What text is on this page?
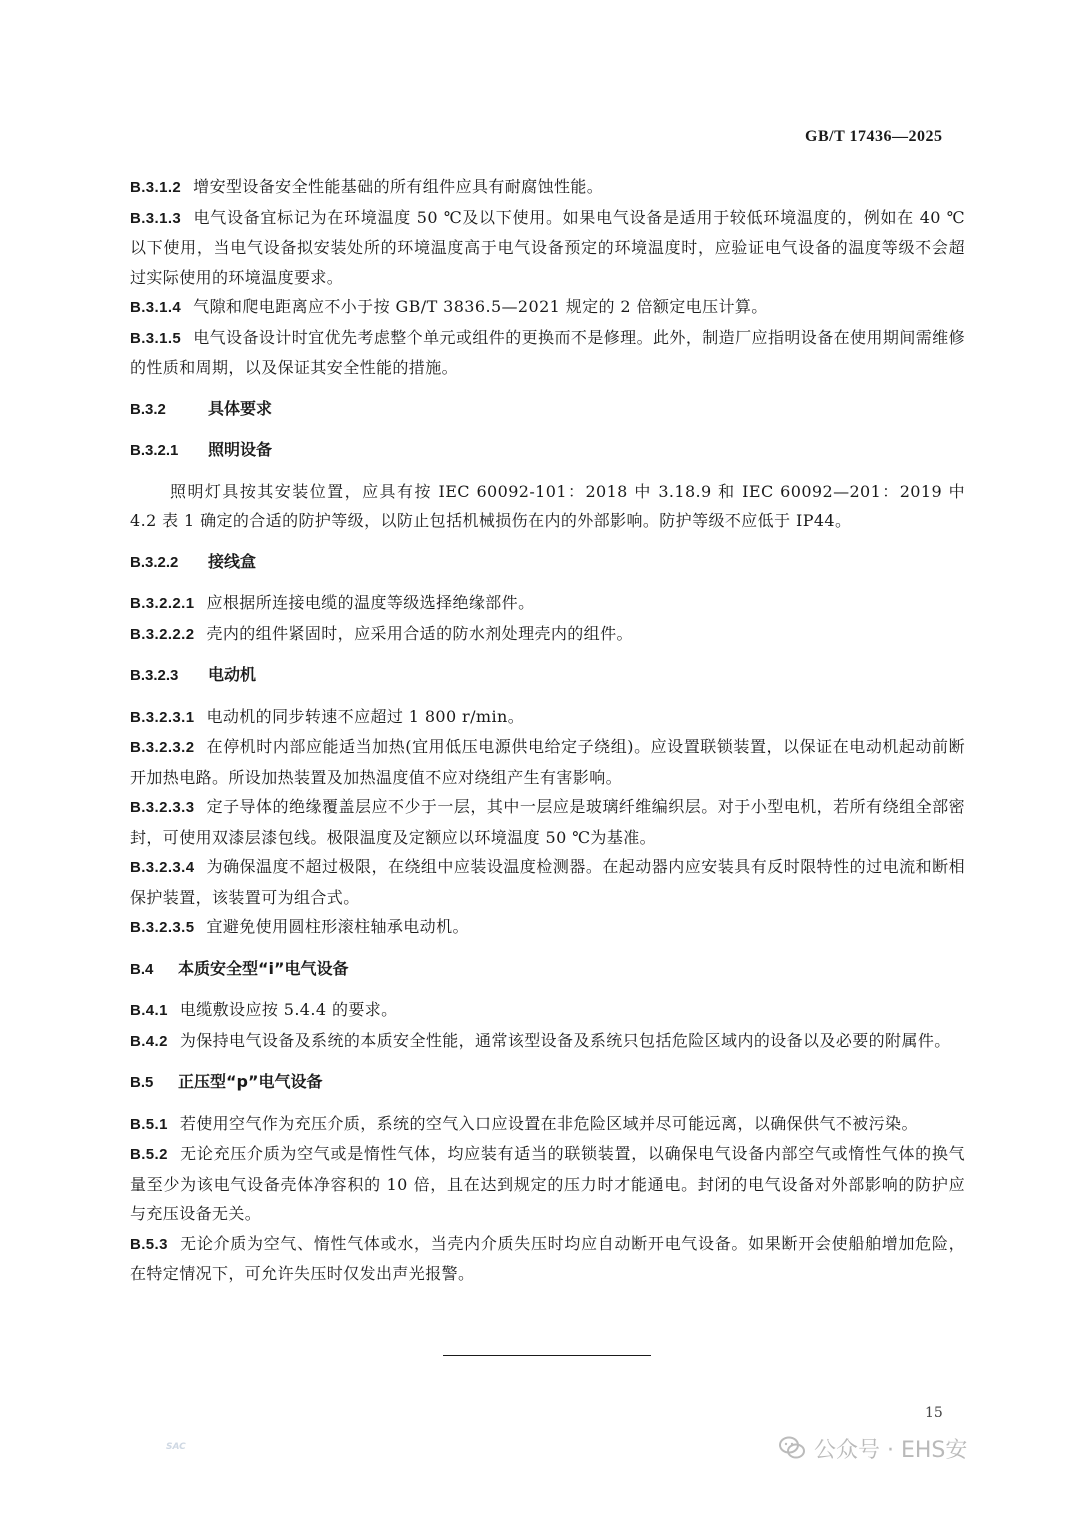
GB/T 17436—2025

B.3.1.2 增安型设备安全性能基础的所有组件应具有耐腐蚀性能。

B.3.1.3 电气设备宜标记为在环境温度 50 ℃及以下使用。如果电气设备是适用于较低环境温度的，例如在 40 ℃以下使用，当电气设备拟安装处所的环境温度高于电气设备预定的环境温度时，应验证电气设备的温度等级不会超过实际使用的环境温度要求。

B.3.1.4 气隙和爬电距离应不小于按 GB/T 3836.5—2021 规定的 2 倍额定电压计算。

B.3.1.5 电气设备设计时宜优先考虑整个单元或组件的更换而不是修理。此外，制造厂应指明设备在使用期间需维修的性质和周期，以及保证其安全性能的措施。

B.3.2	具体要求
B.3.2.1 照明设备

照明灯具按其安装位置，应具有按 IEC 60092-101：2018 中 3.18.9 和 IEC 60092—201：2019 中 4.2 表 1 确定的合适的防护等级，以防止包括机械损伤在内的外部影响。防护等级不应低于 IP44。

B.3.2.2 接线盒

B.3.2.2.1 应根据所连接电缆的温度等级选择绝缘部件。

B.3.2.2.2 壳内的组件紧固时，应采用合适的防水剂处理壳内的组件。

B.3.2.3 电动机

B.3.2.3.1 电动机的同步转速不应超过 1 800 r/min。

B.3.2.3.2 在停机时内部应能适当加热(宜用低压电源供电给定子绕组)。应设置联锁装置，以保证在电动机起动前断开加热电路。所设加热装置及加热温度值不应对绕组产生有害影响。

B.3.2.3.3 定子导体的绝缘覆盖层应不少于一层，其中一层应是玻璃纤维编织层。对于小型电机，若所有绕组全部密封，可使用双漆层漆包线。极限温度及定额应以环境温度 50 ℃为基准。

B.3.2.3.4 为确保温度不超过极限，在绕组中应装设温度检测器。在起动器内应安装具有反时限特性的过电流和断相保护装置，该装置可为组合式。

B.3.2.3.5 宜避免使用圆柱形滚柱轴承电动机。

B.4 本质安全型“i”电气设备

B.4.1 电缆敷设应按 5.4.4 的要求。

B.4.2 为保持电气设备及系统的本质安全性能，通常该型设备及系统只包括危险区域内的设备以及必要的附属件。

B.5 正压型“p”电气设备

B.5.1 若使用空气作为充压介质，系统的空气入口应设置在非危险区域并尽可能远离，以确保供气不被污染。

B.5.2 无论充压介质为空气或是惰性气体，均应装有适当的联锁装置，以确保电气设备内部空气或惰性气体的换气量至少为该电气设备壳体净容积的 10 倍，且在达到规定的压力时才能通电。封闭的电气设备对外部影响的防护应与充压设备无关。

B.5.3 无论介质为空气、惰性气体或水，当壳内介质失压时均应自动断开电气设备。如果断开会使船舶增加危险，在特定情况下，可允许失压时仅发出声光报警。

15
SAC	公众号 · EHS安
